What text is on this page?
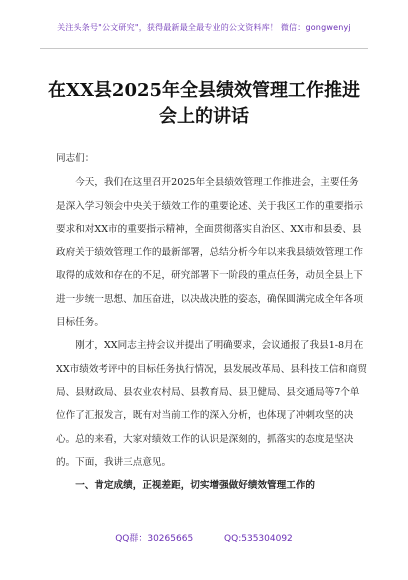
关注头条号"公文研究"，获得最新最全最专业的公文资料库！ 微信：gongwenyj
在XX县2025年全县绩效管理工作推进会上的讲话

同志们：

今天，我们在这里召开2025年全县绩效管理工作推进会，主要任务是深入学习领会中央关于绩效工作的重要论述、关于我区工作的重要指示要求和对XX市的重要指示精神，全面贯彻落实自治区、XX市和县委、县政府关于绩效管理工作的最新部署，总结分析今年以来我县绩效管理工作取得的成效和存在的不足，研究部署下一阶段的重点任务，动员全县上下进一步统一思想、加压奋进，以决战决胜的姿态，确保圆满完成全年各项目标任务。

刚才，XX同志主持会议并提出了明确要求，会议通报了我县1-8月在XX市绩效考评中的目标任务执行情况，县发展改革局、县科技工信和商贸局、县财政局、县农业农村局、县教育局、县卫健局、县交通局等7个单位作了汇报发言，既有对当前工作的深入分析，也体现了冲刺攻坚的决心。总的来看，大家对绩效工作的认识是深刻的，抓落实的态度是坚决的。下面，我讲三点意见。

一、肯定成绩，正视差距，切实增强做好绩效管理工作的

QQ群：30265665	QQ:535304092
